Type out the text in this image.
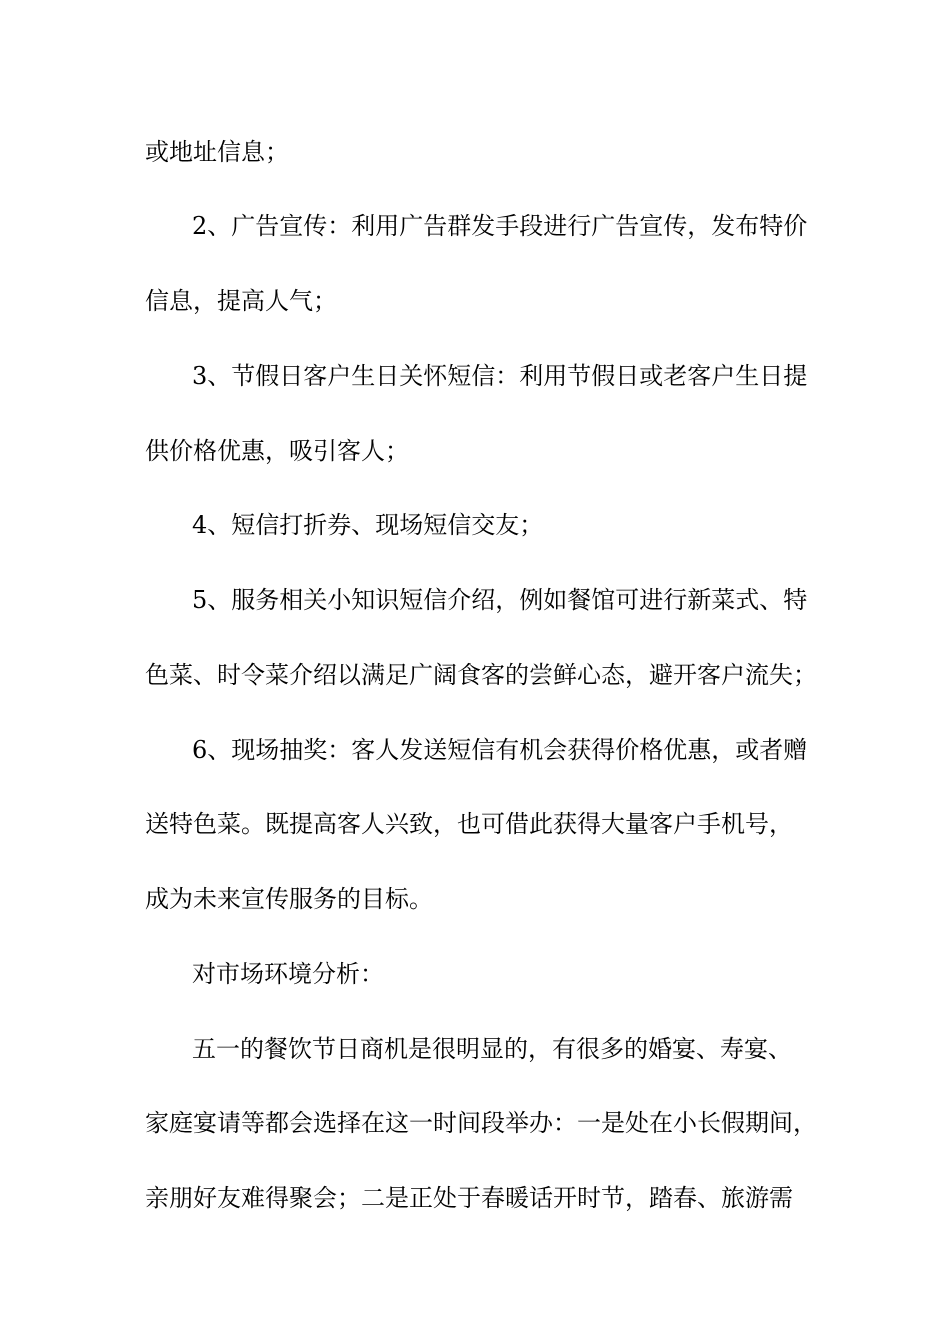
或地址信息；
2、广告宣传：利用广告群发手段进行广告宣传，发布特价
信息，提高人气；
3、节假日客户生日关怀短信：利用节假日或老客户生日提
供价格优惠，吸引客人；
4、短信打折券、现场短信交友；
5、服务相关小知识短信介绍，例如餐馆可进行新菜式、特
色菜、时令菜介绍以满足广阔食客的尝鲜心态，避开客户流失；
6、现场抽奖：客人发送短信有机会获得价格优惠，或者赠
送特色菜。既提高客人兴致，也可借此获得大量客户手机号，
成为未来宣传服务的目标。
对市场环境分析：
五一的餐饮节日商机是很明显的，有很多的婚宴、寿宴、
家庭宴请等都会选择在这一时间段举办：一是处在小长假期间，
亲朋好友难得聚会；二是正处于春暖话开时节，踏春、旅游需
